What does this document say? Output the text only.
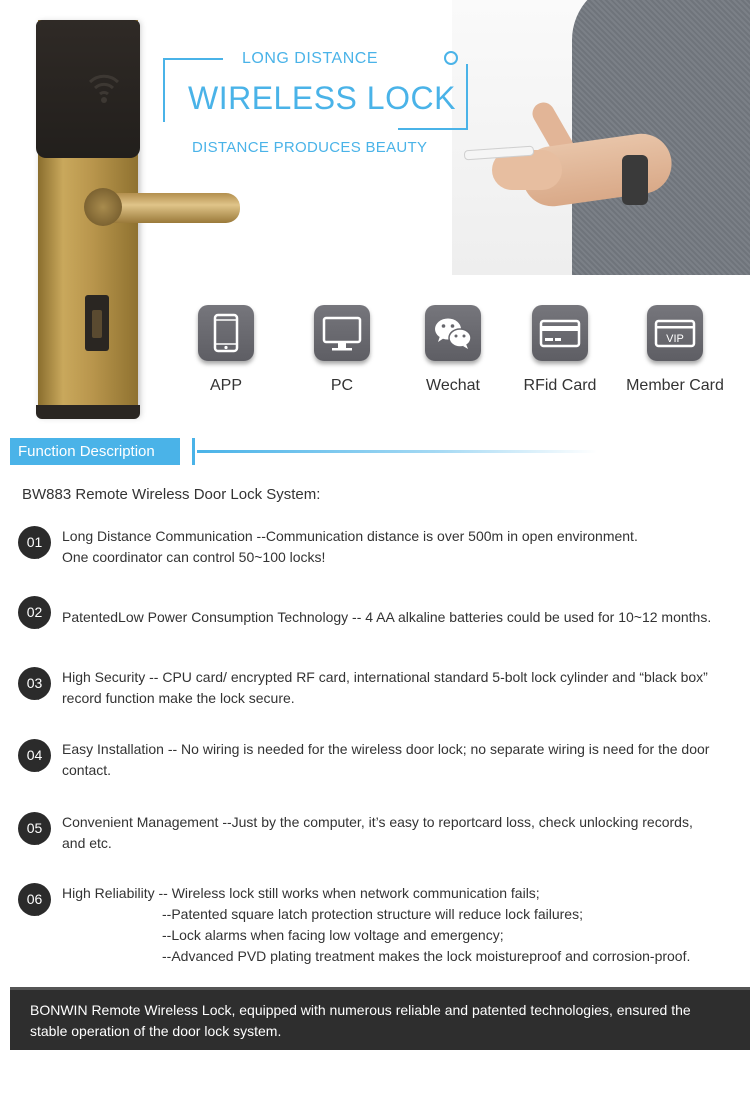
LONG DISTANCE
WIRELESS LOCK
DISTANCE PRODUCES BEAUTY
APP	PC	Wechat	RFid Card
VIP
Member Card
Function Description
BW883 Remote Wireless Door Lock System:
01	Long Distance Communication --Communication distance is over 500m in open environment.

One coordinator can control 50~100 locks!

02	PatentedLow Power Consumption Technology -- 4 AA alkaline batteries could be used for 10~12 months.

03	High Security -- CPU card/ encrypted RF card, international standard 5-bolt lock cylinder and “black box”

record function make the lock secure.

04	Easy Installation -- No wiring is needed for the wireless door lock; no separate wiring is need for the door

contact.

05	Convenient Management --Just by the computer, it’s easy to reportcard loss, check unlocking records,

and etc.

06	High Reliability -- Wireless lock still works when network communication fails;

--Patented square latch protection structure will reduce lock failures;

--Lock alarms when facing low voltage and emergency;

--Advanced PVD plating treatment makes the lock moistureproof and corrosion-proof.

BONWIN Remote Wireless Lock, equipped with numerous reliable and patented technologies, ensured the

stable operation of the door lock system.
